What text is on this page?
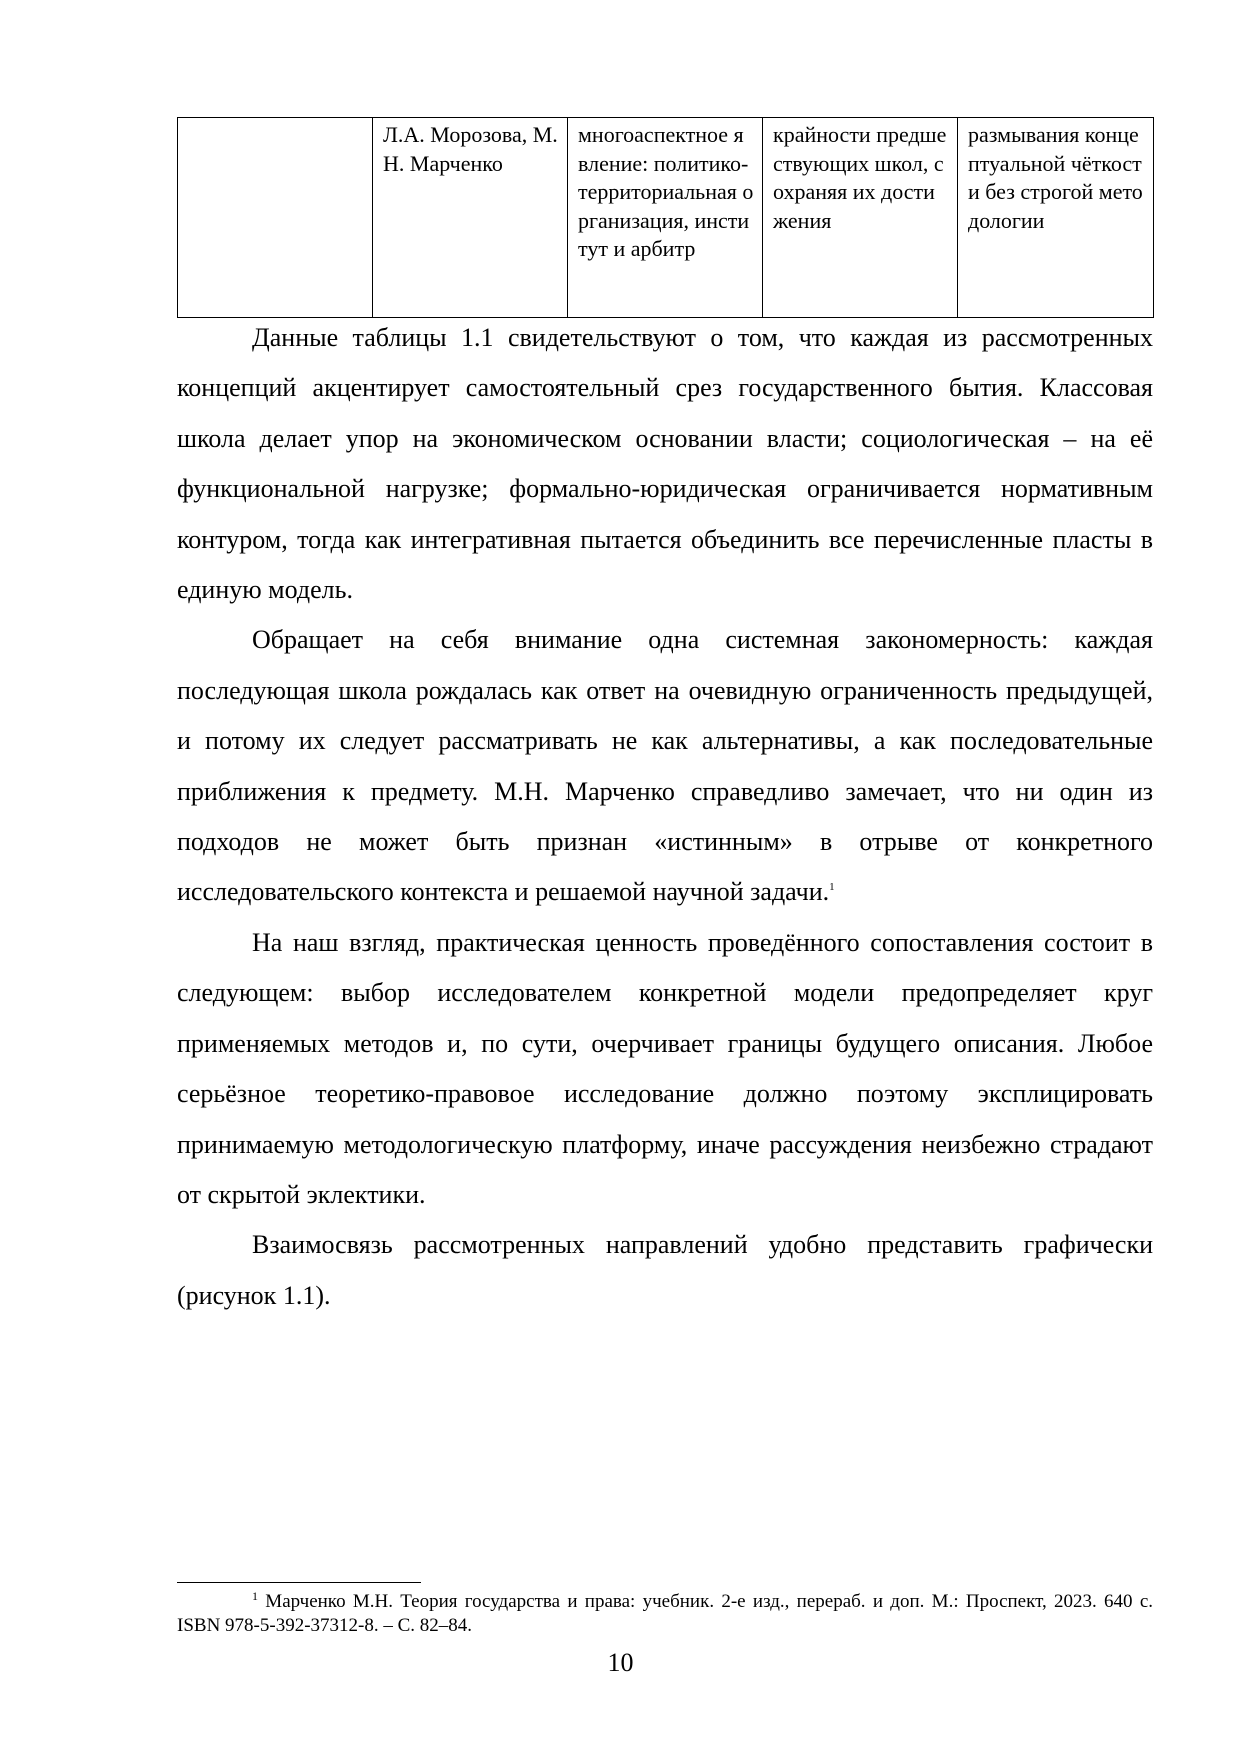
	Л.А. Морозова, М.Н. Марченко	многоаспектное явление: политико-территориальная организация, институт и арбитр	крайности предшествующих школ, сохраняя их достижения	размывания концептуальной чёткости без строгой методологии

Данные таблицы 1.1 свидетельствуют о том, что каждая из рассмотренных концепций акцентирует самостоятельный срез государственного бытия. Классовая школа делает упор на экономическом основании власти; социологическая – на её функциональной нагрузке; формально-юридическая ограничивается нормативным контуром, тогда как интегративная пытается объединить все перечисленные пласты в единую модель.

Обращает на себя внимание одна системная закономерность: каждая последующая школа рождалась как ответ на очевидную ограниченность предыдущей, и потому их следует рассматривать не как альтернативы, а как последовательные приближения к предмету. М.Н. Марченко справедливо замечает, что ни один из подходов не может быть признан «истинным» в отрыве от конкретного исследовательского контекста и решаемой научной задачи.$^1$

На наш взгляд, практическая ценность проведённого сопоставления состоит в следующем: выбор исследователем конкретной модели предопределяет круг применяемых методов и, по сути, очерчивает границы будущего описания. Любое серьёзное теоретико-правовое исследование должно поэтому эксплицировать принимаемую методологическую платформу, иначе рассуждения неизбежно страдают от скрытой эклектики.

Взаимосвязь рассмотренных направлений удобно представить графически (рисунок 1.1).

$^1$ Марченко М.Н. Теория государства и права: учебник. 2-е изд., перераб. и доп. М.: Проспект, 2023. 640 с. ISBN 978-5-392-37312-8. – С. 82–84.
10
